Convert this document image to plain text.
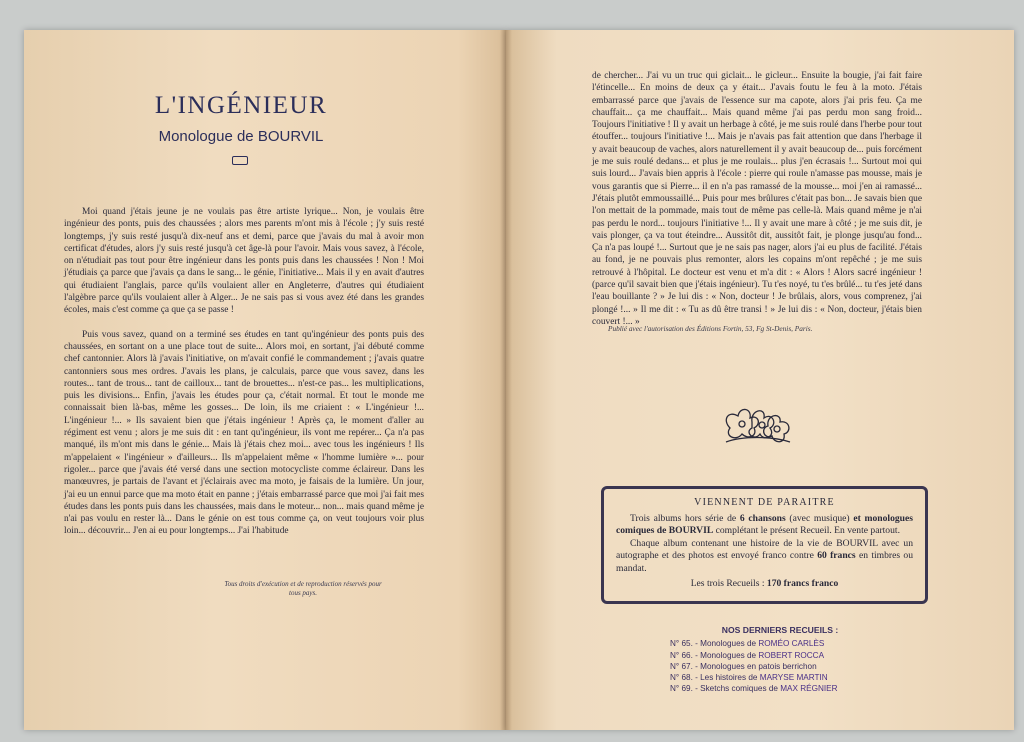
L'INGÉNIEUR
Monologue de BOURVIL

Moi quand j'étais jeune je ne voulais pas être artiste lyrique... Non, je voulais être ingénieur des ponts, puis des chaussées ; alors mes parents m'ont mis à l'école ; j'y suis resté longtemps, j'y suis resté jusqu'à dix-neuf ans et demi, parce que j'avais du mal à avoir mon certificat d'études, alors j'y suis resté jusqu'à cet âge-là pour l'avoir. Mais vous savez, à l'école, on n'étudiait pas tout pour être ingénieur dans les ponts puis dans les chaussées ! Non ! Moi j'étudiais ça parce que j'avais ça dans le sang... le génie, l'initiative... Mais il y en avait d'autres qui étudiaient l'anglais, parce qu'ils voulaient aller en Angleterre, d'autres qui étudiaient l'algèbre parce qu'ils voulaient aller à Alger... Je ne sais pas si vous avez été dans les grandes écoles, mais c'est comme ça que ça se passe !

Puis vous savez, quand on a terminé ses études en tant qu'ingénieur des ponts puis des chaussées, en sortant on a une place tout de suite... Alors moi, en sortant, j'ai débuté comme chef cantonnier. Alors là j'avais l'initiative, on m'avait confié le commandement ; j'avais quatre cantonniers sous mes ordres. J'avais les plans, je calculais, parce que vous savez, dans les routes... tant de trous... tant de cailloux... tant de brouettes... n'est-ce pas... les multiplications, puis les divisions... Enfin, j'avais les études pour ça, c'était normal. Et tout le monde me connaissait bien là-bas, même les gosses... De loin, ils me criaient : « L'ingénieur !... L'ingénieur !... » Ils savaient bien que j'étais ingénieur ! Après ça, le moment d'aller au régiment est venu ; alors je me suis dit : en tant qu'ingénieur, ils vont me repérer... Ça n'a pas manqué, ils m'ont mis dans le génie... Mais là j'étais chez moi... avec tous les ingénieurs ! Ils m'appelaient « l'ingénieur » d'ailleurs... Ils m'appelaient même « l'homme lumière »... pour rigoler... parce que j'avais été versé dans une section motocycliste comme éclaireur. Dans les manœuvres, je partais de l'avant et j'éclairais avec ma moto, je faisais de la lumière. Un jour, j'ai eu un ennui parce que ma moto était en panne ; j'étais embarrassé parce que moi j'ai fait mes études dans les ponts puis dans les chaussées, mais dans le moteur... non... mais quand même je n'ai pas voulu en rester là... Dans le génie on est tous comme ça, on veut toujours voir plus loin... découvrir... J'en ai eu pour longtemps... J'ai l'habitude

Tous droits d'exécution et de reproduction réservés pour tous pays.

de chercher... J'ai vu un truc qui giclait... le gicleur... Ensuite la bougie, j'ai fait faire l'étincelle... En moins de deux ça y était... J'avais foutu le feu à la moto. J'étais embarrassé parce que j'avais de l'essence sur ma capote, alors j'ai pris feu. Ça me chauffait... ça me chauffait... Mais quand même j'ai pas perdu mon sang froid... Toujours l'initiative ! Il y avait un herbage à côté, je me suis roulé dans l'herbe pour tout étouffer... toujours l'initiative !... Mais je n'avais pas fait attention que dans l'herbage il y avait beaucoup de vaches, alors naturellement il y avait beaucoup de... puis forcément je me suis roulé dedans... et plus je me roulais... plus j'en écrasais !... Surtout moi qui suis lourd... J'avais bien appris à l'école : pierre qui roule n'amasse pas mousse, mais je vous garantis que si Pierre... il en n'a pas ramassé de la mousse... moi j'en ai ramassé... J'étais plutôt emmoussaillé... Puis pour mes brûlures c'était pas bon... Je savais bien que l'on mettait de la pommade, mais tout de même pas celle-là. Mais quand même je n'ai pas perdu le nord... toujours l'initiative !... Il y avait une mare à côté ; je me suis dit, je vais plonger, ça va tout éteindre... Aussitôt dit, aussitôt fait, je plonge jusqu'au fond... Ça n'a pas loupé !... Surtout que je ne sais pas nager, alors j'ai eu plus de facilité. J'étais au fond, je ne pouvais plus remonter, alors les copains m'ont repêché ; je me suis retrouvé à l'hôpital. Le docteur est venu et m'a dit : « Alors ! Alors sacré ingénieur ! (parce qu'il savait bien que j'étais ingénieur). Tu t'es noyé, tu t'es brûlé... tu t'es jeté dans l'eau bouillante ? » Je lui dis : « Non, docteur ! Je brûlais, alors, vous comprenez, j'ai plongé !... » Il me dit : « Tu as dû être transi ! » Je lui dis : « Non, docteur, j'étais bien couvert !... »

Publié avec l'autorisation des Éditions Fortin, 53, Fg St-Denis, Paris.
VIENNENT DE PARAITRE

Trois albums hors série de 6 chansons (avec musique) et monologues comiques de BOURVIL complétant le présent Recueil. En vente partout.

Chaque album contenant une histoire de la vie de BOURVIL avec un autographe et des photos est envoyé franco contre 60 francs en timbres ou mandat.

Les trois Recueils : 170 francs franco

NOS DERNIERS RECUEILS :
N° 65. - Monologues de ROMÉO CARLÈS
N° 66. - Monologues de ROBERT ROCCA
N° 67. - Monologues en patois berrichon
N° 68. - Les histoires de MARYSE MARTIN
N° 69. - Sketchs comiques de MAX RÉGNIER
